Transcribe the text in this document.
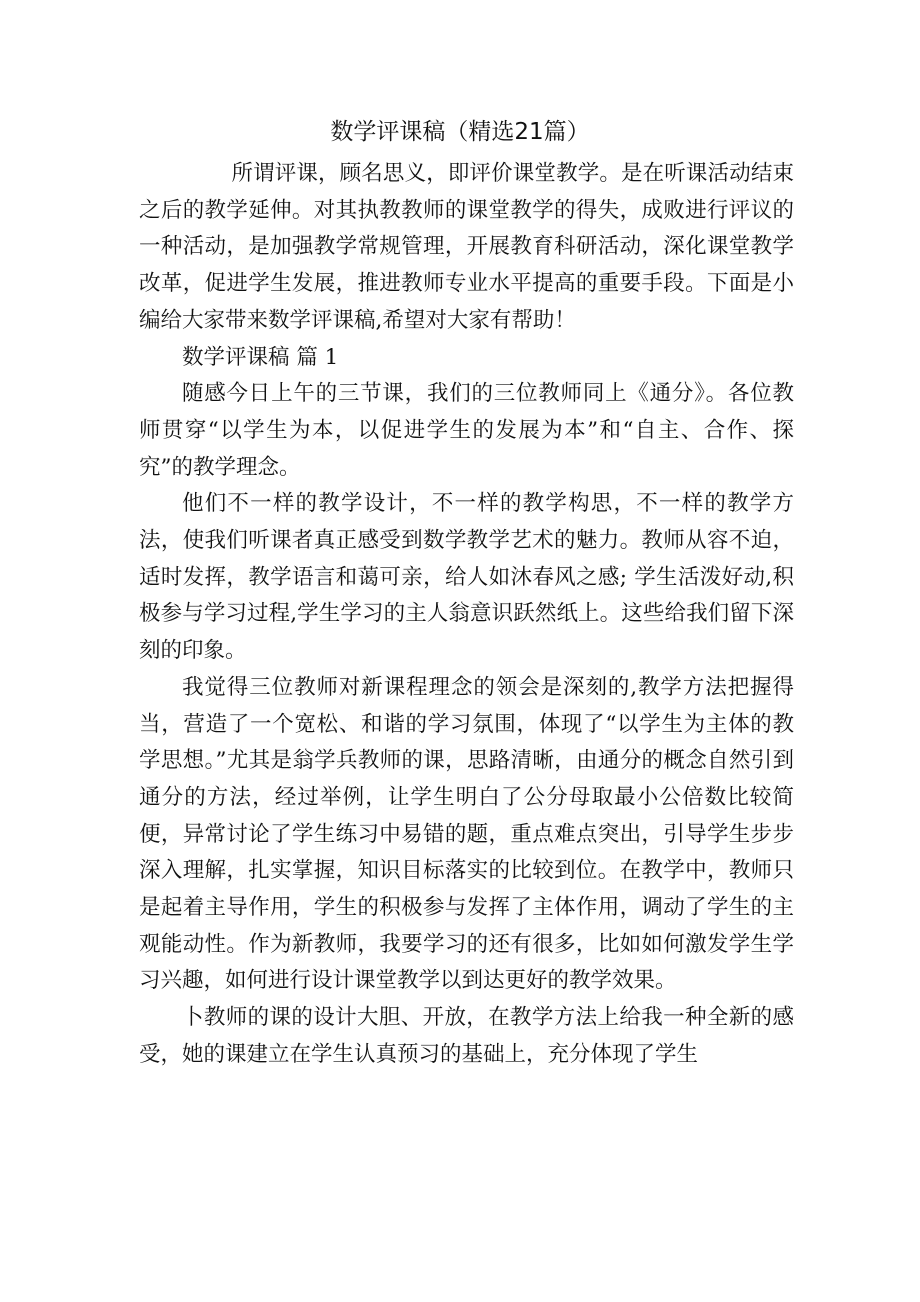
数学评课稿（精选21篇）

所谓评课，顾名思义，即评价课堂教学。是在听课活动结束之后的教学延伸。对其执教教师的课堂教学的得失，成败进行评议的一种活动，是加强教学常规管理，开展教育科研活动，深化课堂教学改革，促进学生发展，推进教师专业水平提高的重要手段。下面是小编给大家带来数学评课稿,希望对大家有帮助！

数学评课稿 篇 1

随感今日上午的三节课，我们的三位教师同上《通分》。各位教师贯穿“以学生为本，以促进学生的发展为本”和“自主、合作、探究”的教学理念。

他们不一样的教学设计，不一样的教学构思，不一样的教学方法，使我们听课者真正感受到数学教学艺术的魅力。教师从容不迫，适时发挥，教学语言和蔼可亲，给人如沐春风之感; 学生活泼好动,积极参与学习过程,学生学习的主人翁意识跃然纸上。这些给我们留下深刻的印象。

我觉得三位教师对新课程理念的领会是深刻的,教学方法把握得当，营造了一个宽松、和谐的学习氛围，体现了“以学生为主体的教学思想。”尤其是翁学兵教师的课，思路清晰，由通分的概念自然引到通分的方法，经过举例，让学生明白了公分母取最小公倍数比较简便，异常讨论了学生练习中易错的题，重点难点突出，引导学生步步深入理解，扎实掌握，知识目标落实的比较到位。在教学中，教师只是起着主导作用，学生的积极参与发挥了主体作用，调动了学生的主观能动性。作为新教师，我要学习的还有很多，比如如何激发学生学习兴趣，如何进行设计课堂教学以到达更好的教学效果。

卜教师的课的设计大胆、开放，在教学方法上给我一种全新的感受，她的课建立在学生认真预习的基础上，充分体现了学生
